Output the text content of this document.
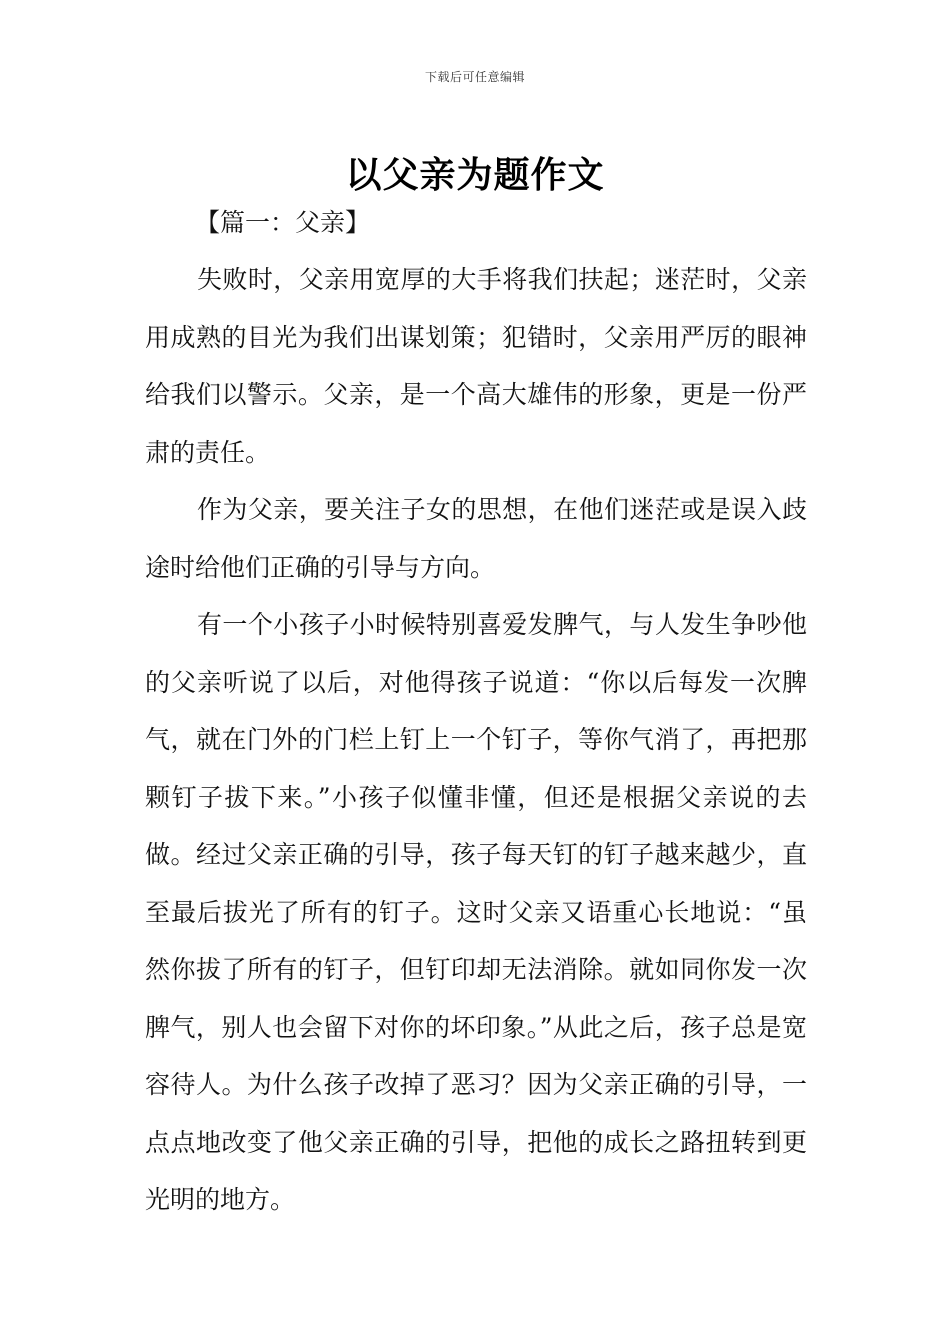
下载后可任意编辑
以父亲为题作文

【篇一：父亲】

失败时，父亲用宽厚的大手将我们扶起；迷茫时，父亲用成熟的目光为我们出谋划策；犯错时，父亲用严厉的眼神给我们以警示。父亲，是一个高大雄伟的形象，更是一份严肃的责任。

作为父亲，要关注子女的思想，在他们迷茫或是误入歧途时给他们正确的引导与方向。

有一个小孩子小时候特别喜爱发脾气，与人发生争吵他的父亲听说了以后，对他得孩子说道：“你以后每发一次脾气，就在门外的门栏上钉上一个钉子，等你气消了，再把那颗钉子拔下来。”小孩子似懂非懂，但还是根据父亲说的去做。经过父亲正确的引导，孩子每天钉的钉子越来越少，直至最后拔光了所有的钉子。这时父亲又语重心长地说：“虽然你拔了所有的钉子，但钉印却无法消除。就如同你发一次脾气，别人也会留下对你的坏印象。”从此之后，孩子总是宽容待人。为什么孩子改掉了恶习？因为父亲正确的引导，一点点地改变了他父亲正确的引导，把他的成长之路扭转到更光明的地方。
